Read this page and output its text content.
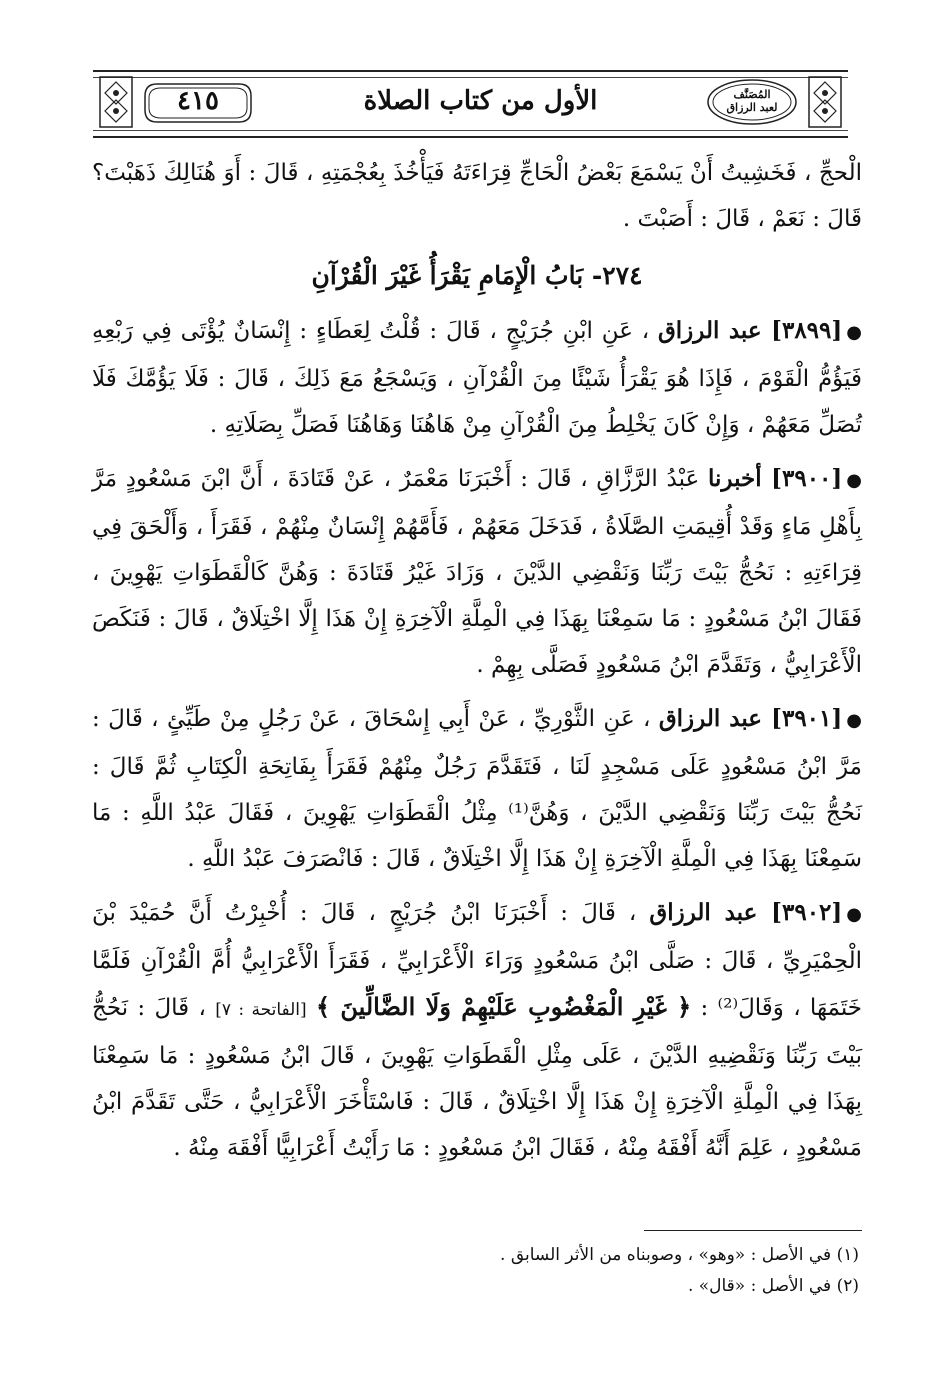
٤١٥	الأول من كتاب الصلاة	المُصَنَّف
لعبد الرزاق

الْحجِّ ، فَخَشِيتُ أَنْ يَسْمَعَ بَعْضُ الْحَاجِّ قِرَاءَتَهُ فَيَأْخُذَ بِعُجْمَتِهِ ، قَالَ : أَوَ هُنَالِكَ ذَهَبْتَ؟ قَالَ : نَعَمْ ، قَالَ : أَصَبْتَ .

٢٧٤- بَابُ الْإِمَامِ يَقْرَأُ غَيْرَ الْقُرْآنِ

●[٣٨٩٩] عبد الرزاق ، عَنِ ابْنِ جُرَيْجٍ ، قَالَ : قُلْتُ لِعَطَاءٍ : إِنْسَانٌ يُؤْتَى فِي رَبْعِهِ فَيَؤُمُّ الْقَوْمَ ، فَإِذَا هُوَ يَقْرَأُ شَيْئًا مِنَ الْقُرْآنِ ، وَيَسْجَعُ مَعَ ذَلِكَ ، قَالَ : فَلَا يَؤُمَّكَ فَلَا تُصَلِّ مَعَهُمْ ، وَإِنْ كَانَ يَخْلِطُ مِنَ الْقُرْآنِ مِنْ هَاهُنَا وَهَاهُنَا فَصَلِّ بِصَلَاتِهِ .

●[٣٩٠٠] أخبرنا عَبْدُ الرَّزَّاقِ ، قَالَ : أَخْبَرَنَا مَعْمَرٌ ، عَنْ قَتَادَةَ ، أَنَّ ابْنَ مَسْعُودٍ مَرَّ بِأَهْلِ مَاءٍ وَقَدْ أُقِيمَتِ الصَّلَاةُ ، فَدَخَلَ مَعَهُمْ ، فَأَمَّهُمْ إِنْسَانٌ مِنْهُمْ ، فَقَرَأَ ، وَأَلْحَقَ فِي قِرَاءَتِهِ : نَحُجُّ بَيْتَ رَبِّنَا وَنَقْضِي الدَّيْنَ ، وَزَادَ غَيْرُ قَتَادَةَ : وَهُنَّ كَالْقَطَوَاتِ يَهْوِينَ ، فَقَالَ ابْنُ مَسْعُودٍ : مَا سَمِعْنَا بِهَذَا فِي الْمِلَّةِ الْآخِرَةِ إِنْ هَذَا إِلَّا اخْتِلَاقٌ ، قَالَ : فَنَكَصَ الْأَعْرَابِيُّ ، وَتَقَدَّمَ ابْنُ مَسْعُودٍ فَصَلَّى بِهِمْ .

●[٣٩٠١] عبد الرزاق ، عَنِ الثَّوْرِيِّ ، عَنْ أَبِي إِسْحَاقَ ، عَنْ رَجُلٍ مِنْ طَيِّئٍ ، قَالَ : مَرَّ ابْنُ مَسْعُودٍ عَلَى مَسْجِدٍ لَنَا ، فَتَقَدَّمَ رَجُلٌ مِنْهُمْ فَقَرَأَ بِفَاتِحَةِ الْكِتَابِ ثُمَّ قَالَ : نَحُجُّ بَيْتَ رَبِّنَا وَنَقْضِي الدَّيْنَ ، وَهُنَّ⁽¹⁾ مِثْلُ الْقَطَوَاتِ يَهْوِينَ ، فَقَالَ عَبْدُ اللَّهِ : مَا سَمِعْنَا بِهَذَا فِي الْمِلَّةِ الْآخِرَةِ إِنْ هَذَا إِلَّا اخْتِلَاقٌ ، قَالَ : فَانْصَرَفَ عَبْدُ اللَّهِ .

●[٣٩٠٢] عبد الرزاق ، قَالَ : أَخْبَرَنَا ابْنُ جُرَيْجٍ ، قَالَ : أُخْبِرْتُ أَنَّ حُمَيْدَ بْنَ الْحِمْيَرِيِّ ، قَالَ : صَلَّى ابْنُ مَسْعُودٍ وَرَاءَ الْأَعْرَابِيِّ ، فَقَرَأَ الْأَعْرَابِيُّ أُمَّ الْقُرْآنِ فَلَمَّا خَتَمَهَا ، وَقَالَ⁽²⁾ : ﴿ غَيْرِ الْمَغْضُوبِ عَلَيْهِمْ وَلَا الضَّالِّينَ ﴾ [الفاتحة : ٧] ، قَالَ : نَحُجُّ بَيْتَ رَبِّنَا وَنَقْضِيهِ الدَّيْنَ ، عَلَى مِثْلِ الْقَطَوَاتِ يَهْوِينَ ، قَالَ ابْنُ مَسْعُودٍ : مَا سَمِعْنَا بِهَذَا فِي الْمِلَّةِ الْآخِرَةِ إِنْ هَذَا إِلَّا اخْتِلَاقٌ ، قَالَ : فَاسْتَأْخَرَ الْأَعْرَابِيُّ ، حَتَّى تَقَدَّمَ ابْنُ مَسْعُودٍ ، عَلِمَ أَنَّهُ أَفْقَهُ مِنْهُ ، فَقَالَ ابْنُ مَسْعُودٍ : مَا رَأَيْتُ أَعْرَابِيًّا أَفْقَهَ مِنْهُ .

(١) في الأصل : «وهو» ، وصوبناه من الأثر السابق .

(٢) في الأصل : «قال» .
